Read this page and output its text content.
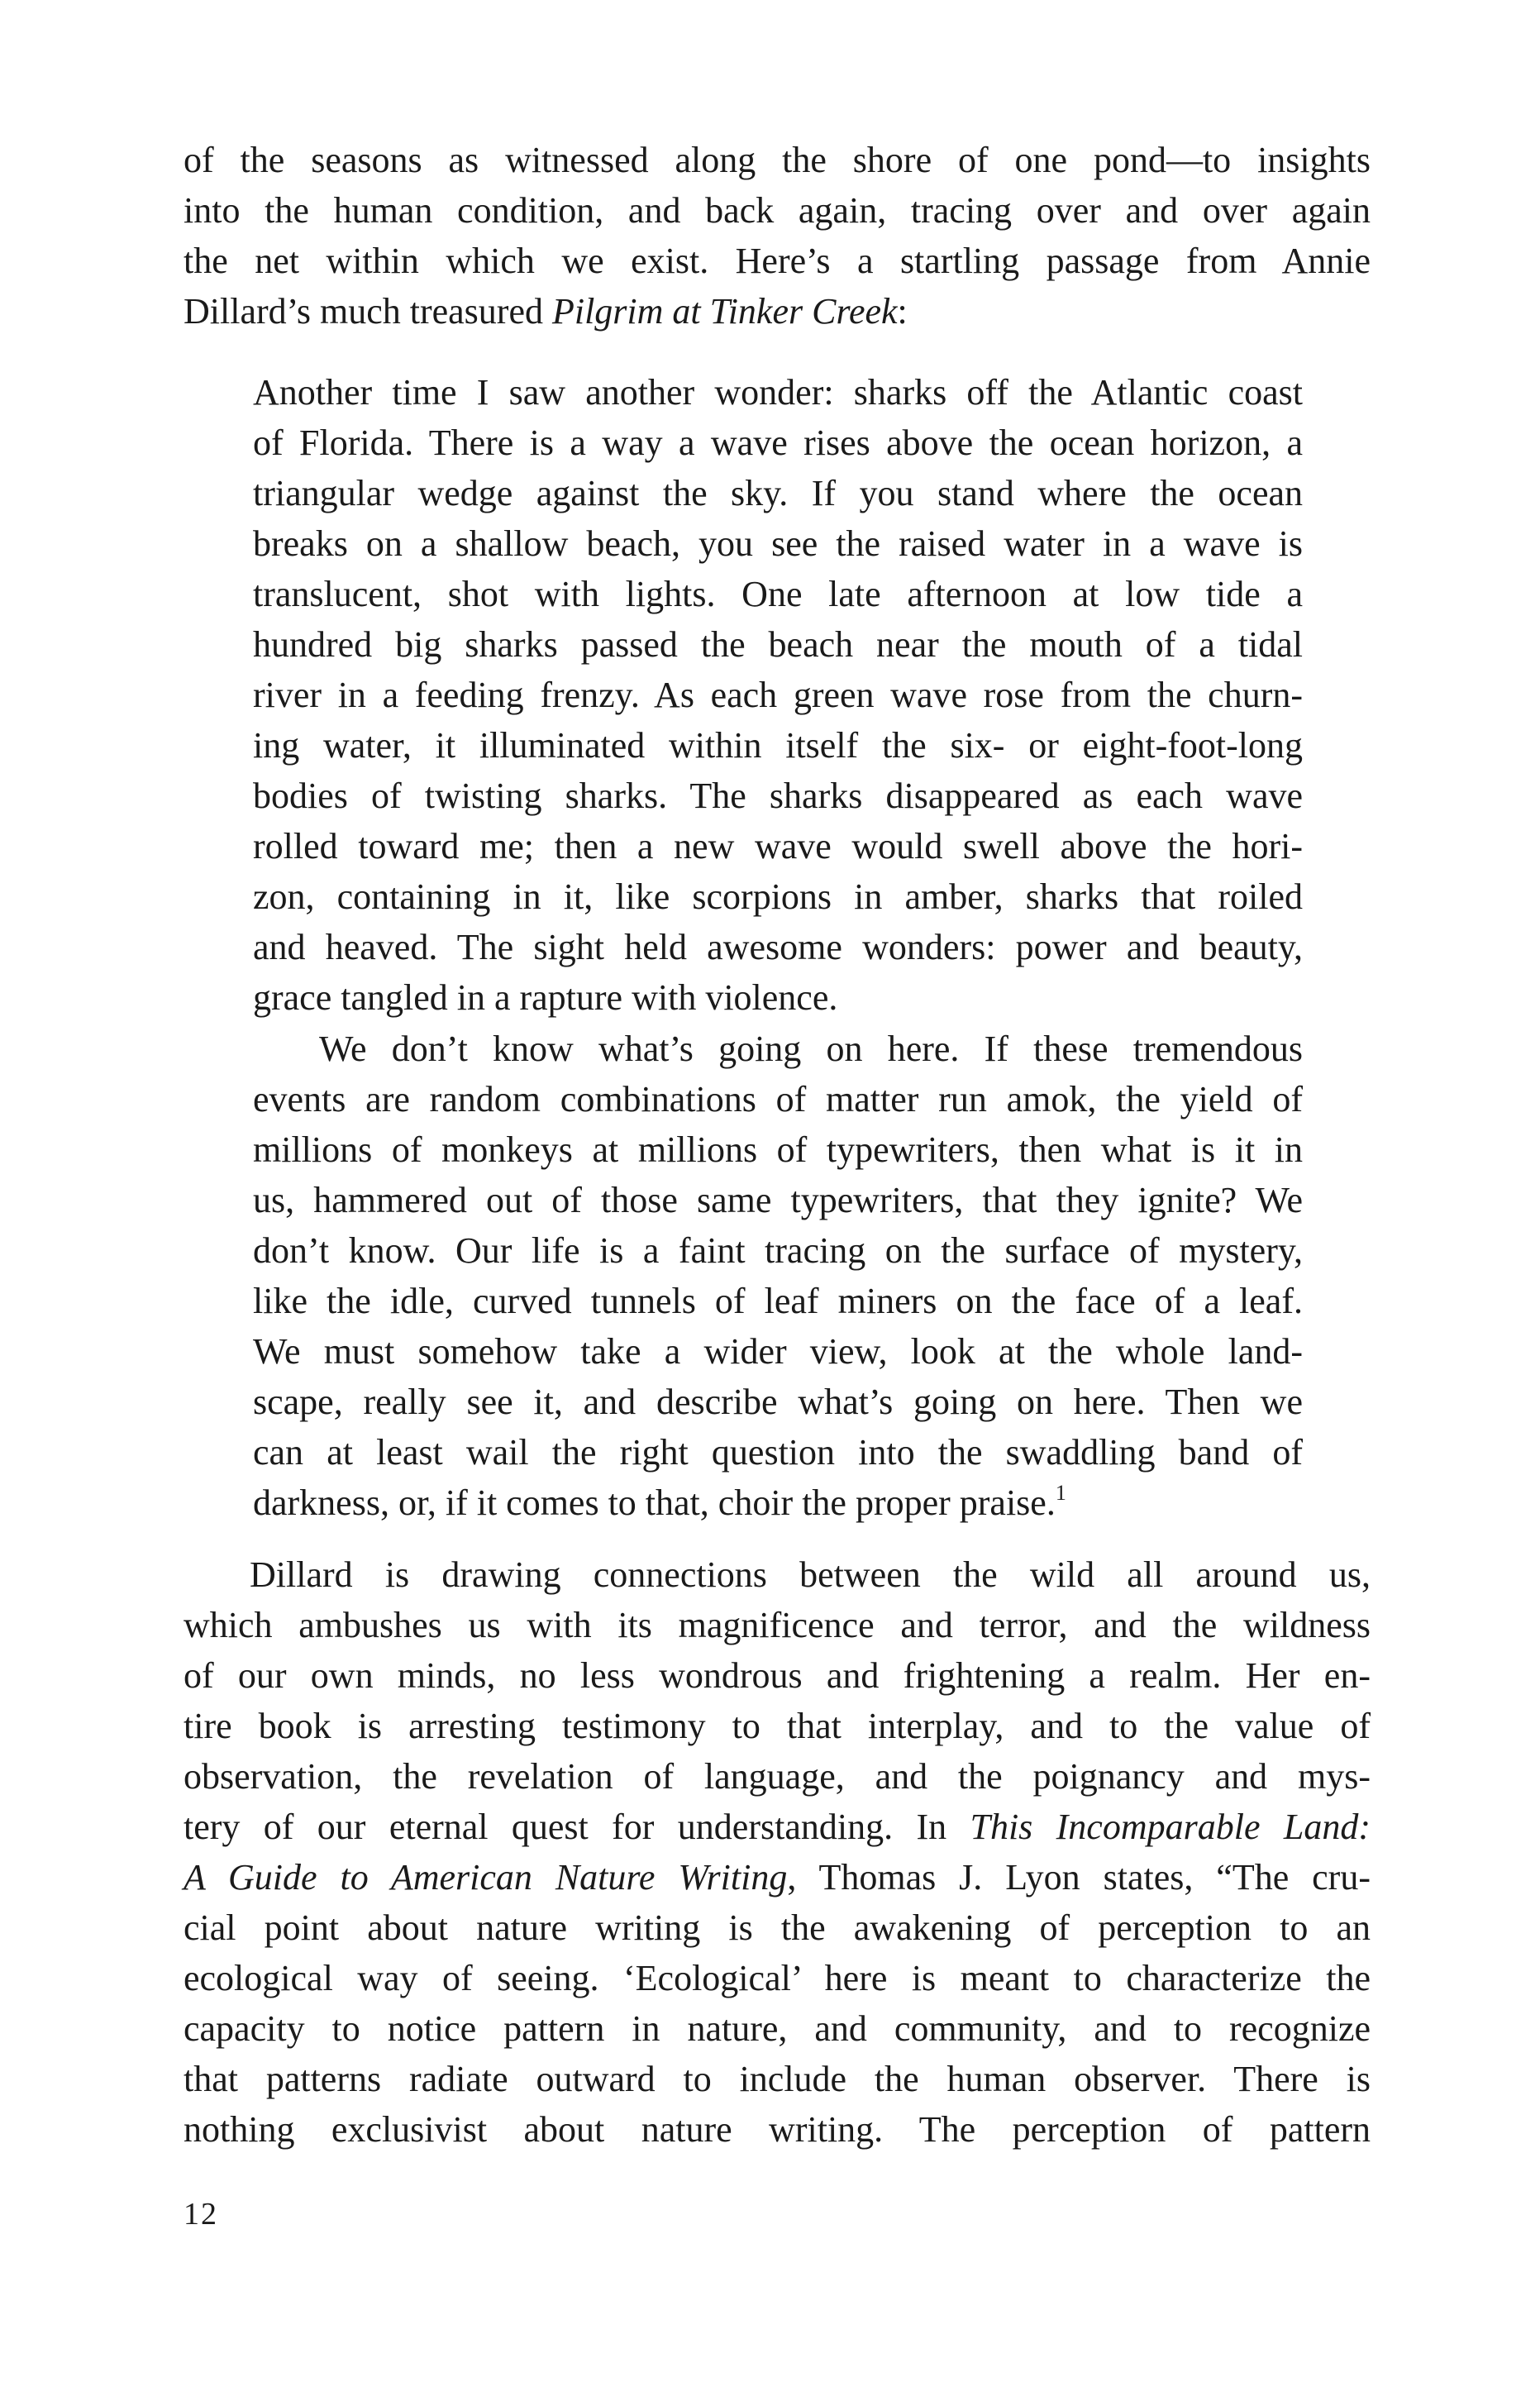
of the seasons as witnessed along the shore of one pond—to insights
into the human condition, and back again, tracing over and over again
the net within which we exist. Here’s a startling passage from Annie
Dillard’s much treasured Pilgrim at Tinker Creek:

Another time I saw another wonder: sharks off the Atlantic coast
of Florida. There is a way a wave rises above the ocean horizon, a
triangular wedge against the sky. If you stand where the ocean
breaks on a shallow beach, you see the raised water in a wave is
translucent, shot with lights. One late afternoon at low tide a
hundred big sharks passed the beach near the mouth of a tidal
river in a feeding frenzy. As each green wave rose from the churn-
ing water, it illuminated within itself the six- or eight-foot-long
bodies of twisting sharks. The sharks disappeared as each wave
rolled toward me; then a new wave would swell above the hori-
zon, containing in it, like scorpions in amber, sharks that roiled
and heaved. The sight held awesome wonders: power and beauty,
grace tangled in a rapture with violence.

We don’t know what’s going on here. If these tremendous
events are random combinations of matter run amok, the yield of
millions of monkeys at millions of typewriters, then what is it in
us, hammered out of those same typewriters, that they ignite? We
don’t know. Our life is a faint tracing on the surface of mystery,
like the idle, curved tunnels of leaf miners on the face of a leaf.
We must somehow take a wider view, look at the whole land-
scape, really see it, and describe what’s going on here. Then we
can at least wail the right question into the swaddling band of
darkness, or, if it comes to that, choir the proper praise.$^1$

Dillard is drawing connections between the wild all around us,
which ambushes us with its magnificence and terror, and the wildness
of our own minds, no less wondrous and frightening a realm. Her en-
tire book is arresting testimony to that interplay, and to the value of
observation, the revelation of language, and the poignancy and mys-
tery of our eternal quest for understanding. In This Incomparable Land:
A Guide to American Nature Writing, Thomas J. Lyon states, “The cru-
cial point about nature writing is the awakening of perception to an
ecological way of seeing. ‘Ecological’ here is meant to characterize the
capacity to notice pattern in nature, and community, and to recognize
that patterns radiate outward to include the human observer. There is
nothing exclusivist about nature writing. The perception of pattern

12
